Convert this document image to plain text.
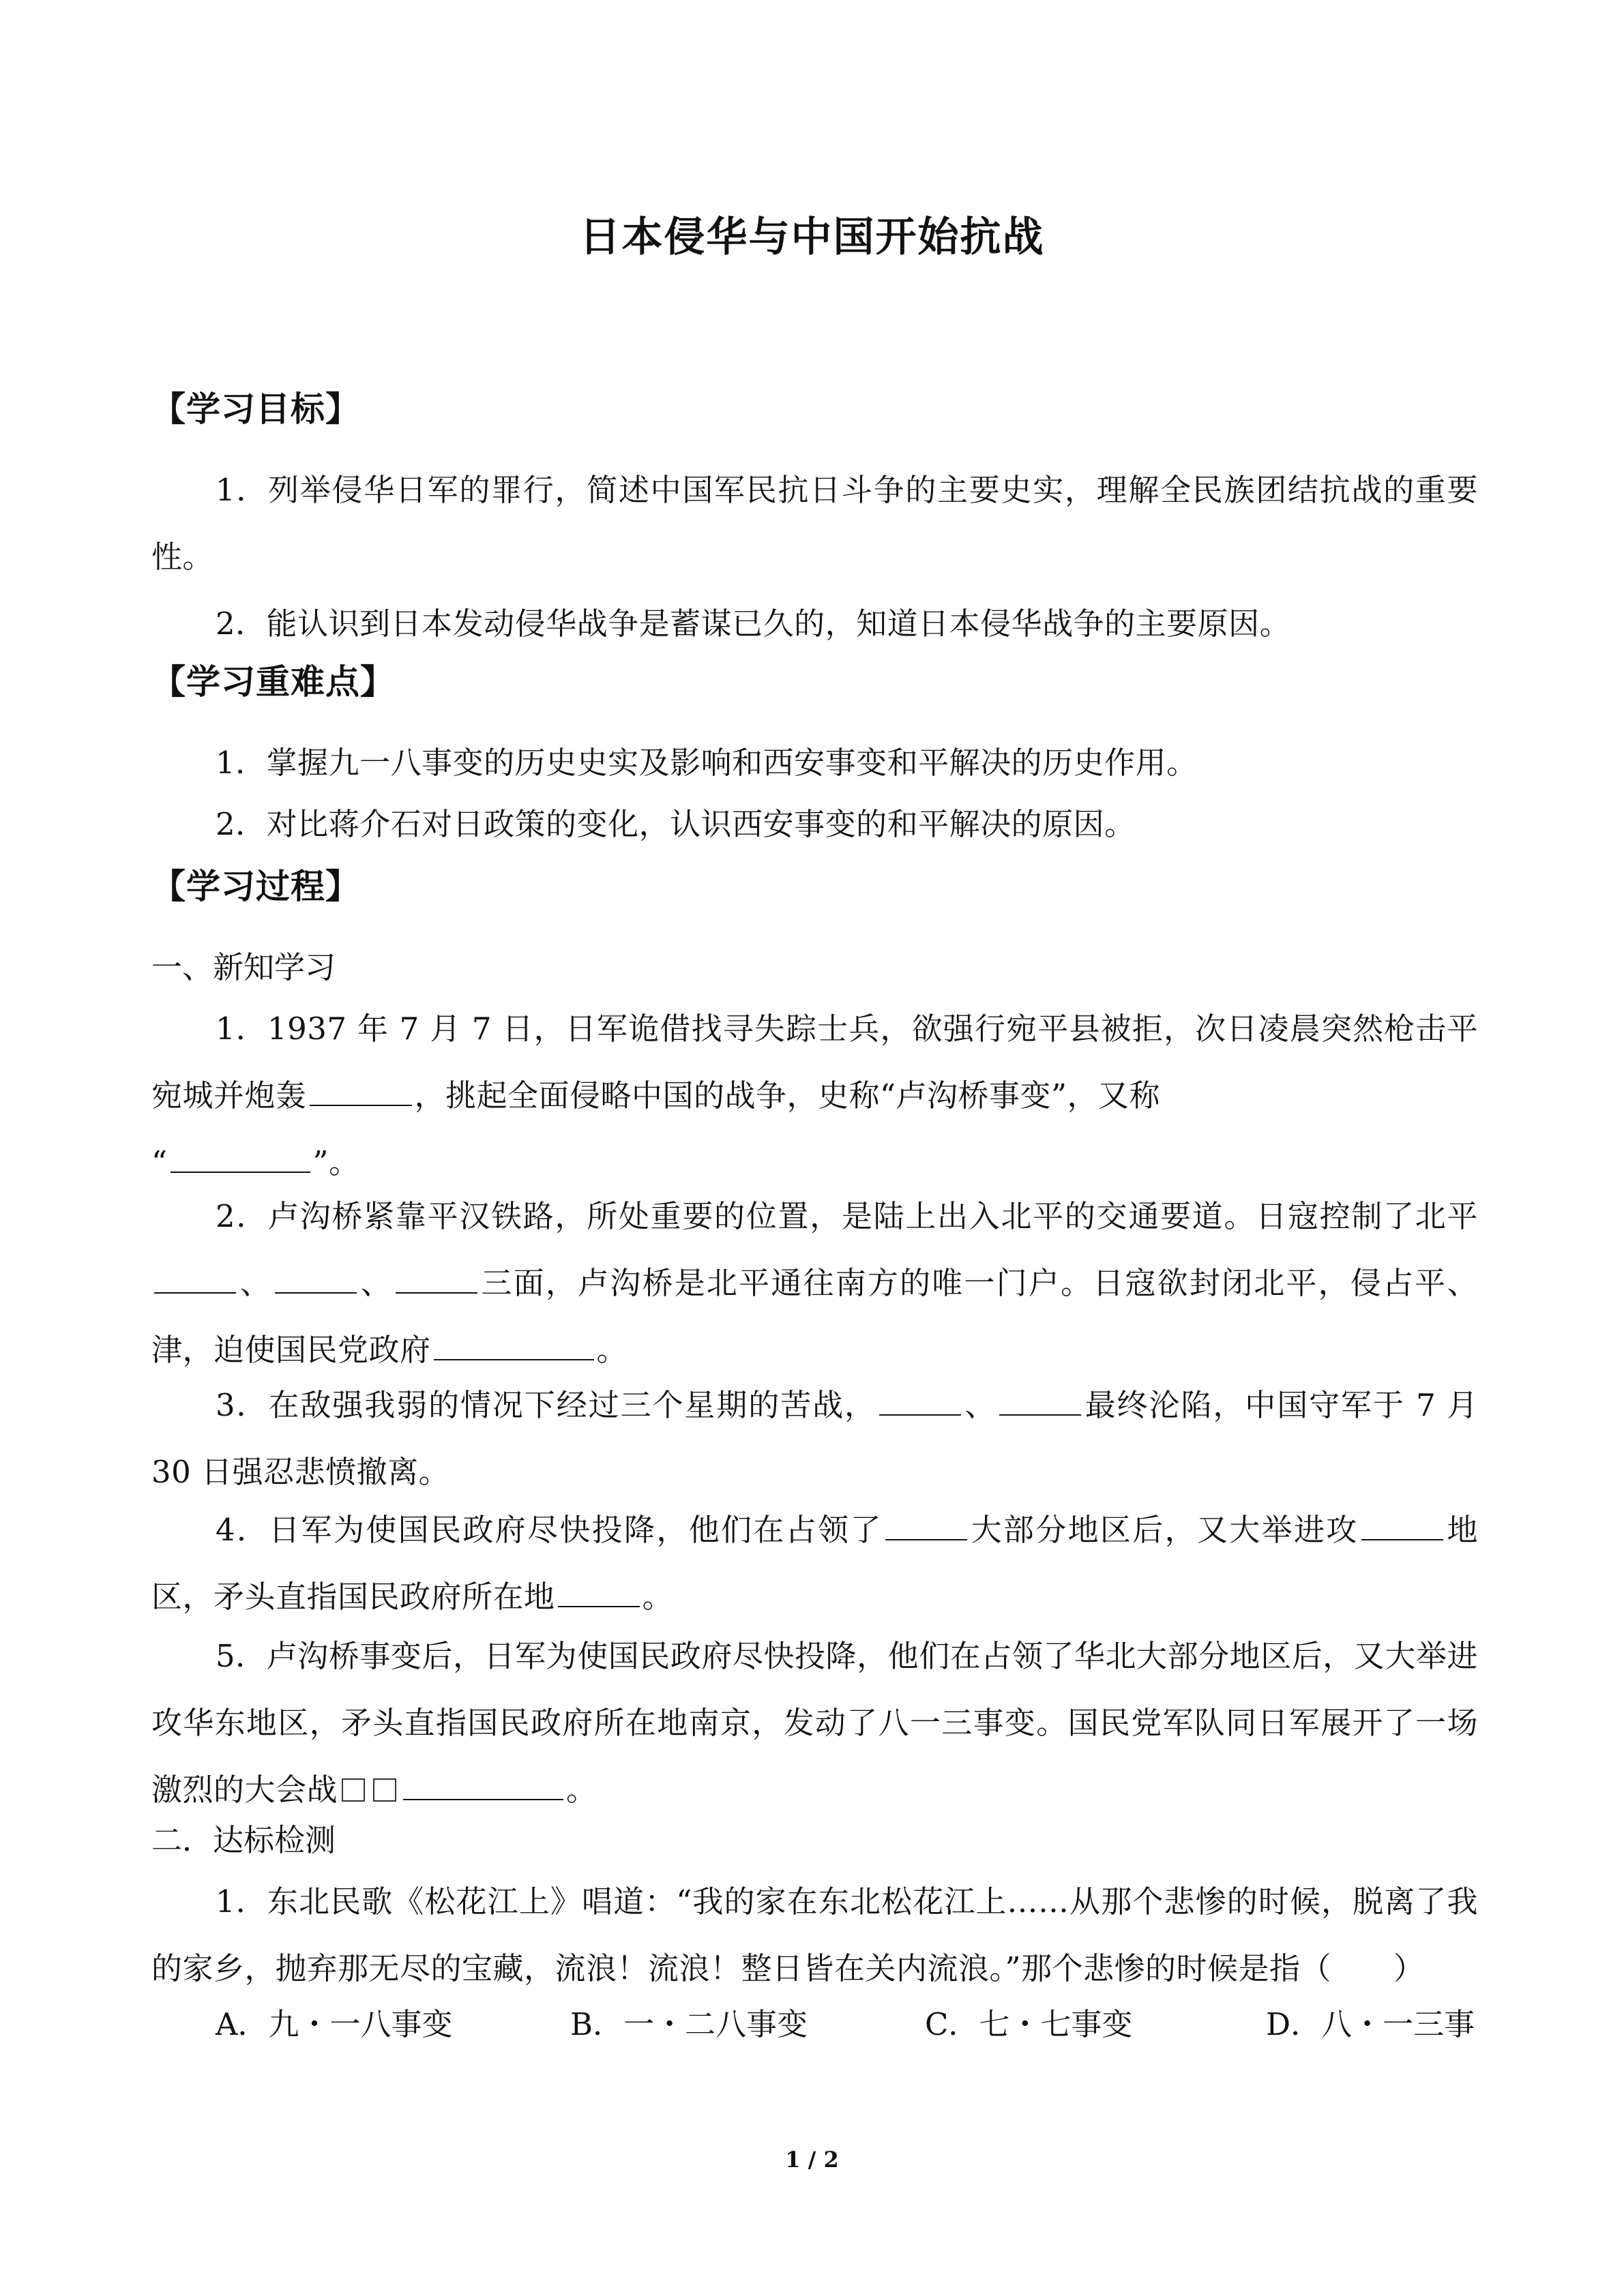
日本侵华与中国开始抗战
【学习目标】
1．列举侵华日军的罪行，简述中国军民抗日斗争的主要史实，理解全民族团结抗战的重要性。
2．能认识到日本发动侵华战争是蓄谋已久的，知道日本侵华战争的主要原因。
【学习重难点】
1．掌握九一八事变的历史史实及影响和西安事变和平解决的历史作用。
2．对比蒋介石对日政策的变化，认识西安事变的和平解决的原因。
【学习过程】
一、新知学习
1．1937 年 7 月 7 日，日军诡借找寻失踪士兵，欲强行宛平县被拒，次日凌晨突然枪击平宛城并炮轰	，挑起全面侵略中国的战争，史称“卢沟桥事变”，又称
“	”。
2．卢沟桥紧靠平汉铁路，所处重要的位置，是陆上出入北平的交通要道。日寇控制了北平、	、	三面，卢沟桥是北平通往南方的唯一门户。日寇欲封闭北平，侵占平、津，迫使国民党政府	。
3．在敌强我弱的情况下经过三个星期的苦战，	、	最终沦陷，中国守军于 7 月 30 日强忍悲愤撤离。
4．日军为使国民政府尽快投降，他们在占领了	大部分地区后，又大举进攻	地区，矛头直指国民政府所在地	。
5．卢沟桥事变后，日军为使国民政府尽快投降，他们在占领了华北大部分地区后，又大举进攻华东地区，矛头直指国民政府所在地南京，发动了八一三事变。国民党军队同日军展开了一场激烈的大会战	。
二．达标检测
1．东北民歌《松花江上》唱道：“我的家在东北松花江上……从那个悲惨的时候，脱离了我的家乡，抛弃那无尽的宝藏，流浪！流浪！整日皆在关内流浪。”那个悲惨的时候是指（　　）
A．九・一八事变	B．一・二八事变	C．七・七事变	D．八・一三事
1 / 2
